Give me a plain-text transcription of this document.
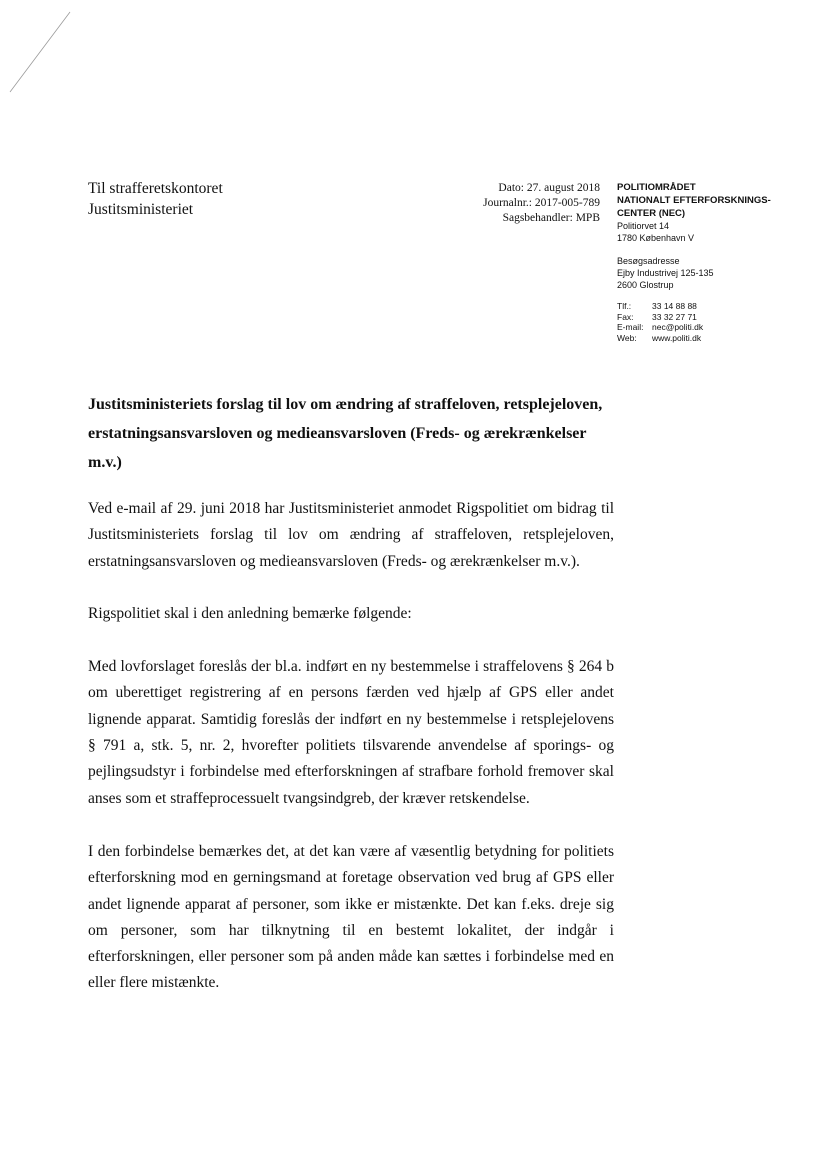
Til strafferetskontoret
Justitsministeriet
Dato: 27. august 2018
Journalnr.: 2017-005-789
Sagsbehandler: MPB
POLITIOMRÅDET
NATIONALT EFTERFORSKNINGS-
CENTER (NEC)
Politiorvet 14
1780 København V
Besøgsadresse
Ejby Industrivej 125-135
2600 Glostrup
Tlf.:	33 14 88 88
Fax:	33 32 27 71
E-mail:	nec@politi.dk
Web:	www.politi.dk
Justitsministeriets forslag til lov om ændring af straffeloven, retsplejeloven,
erstatningsansvarsloven og medieansvarsloven (Freds- og ærekrænkelser
m.v.)

Ved e-mail af 29. juni 2018 har Justitsministeriet anmodet Rigspolitiet om bidrag til Justitsministeriets forslag til lov om ændring af straffeloven, retsplejeloven, erstatningsansvarsloven og medieansvarsloven (Freds- og ærekrænkelser m.v.).

Rigspolitiet skal i den anledning bemærke følgende:

Med lovforslaget foreslås der bl.a. indført en ny bestemmelse i straffelovens § 264 b om uberettiget registrering af en persons færden ved hjælp af GPS eller andet lignende apparat. Samtidig foreslås der indført en ny bestemmelse i retsplejelovens § 791 a, stk. 5, nr. 2, hvorefter politiets tilsvarende anvendelse af sporings- og pejlingsudstyr i forbindelse med efterforskningen af strafbare forhold fremover skal anses som et straffeprocessuelt tvangsindgreb, der kræver retskendelse.

I den forbindelse bemærkes det, at det kan være af væsentlig betydning for politiets efterforskning mod en gerningsmand at foretage observation ved brug af GPS eller andet lignende apparat af personer, som ikke er mistænkte. Det kan f.eks. dreje sig om personer, som har tilknytning til en bestemt lokalitet, der indgår i efterforskningen, eller personer som på anden måde kan sættes i forbindelse med en eller flere mistænkte.
